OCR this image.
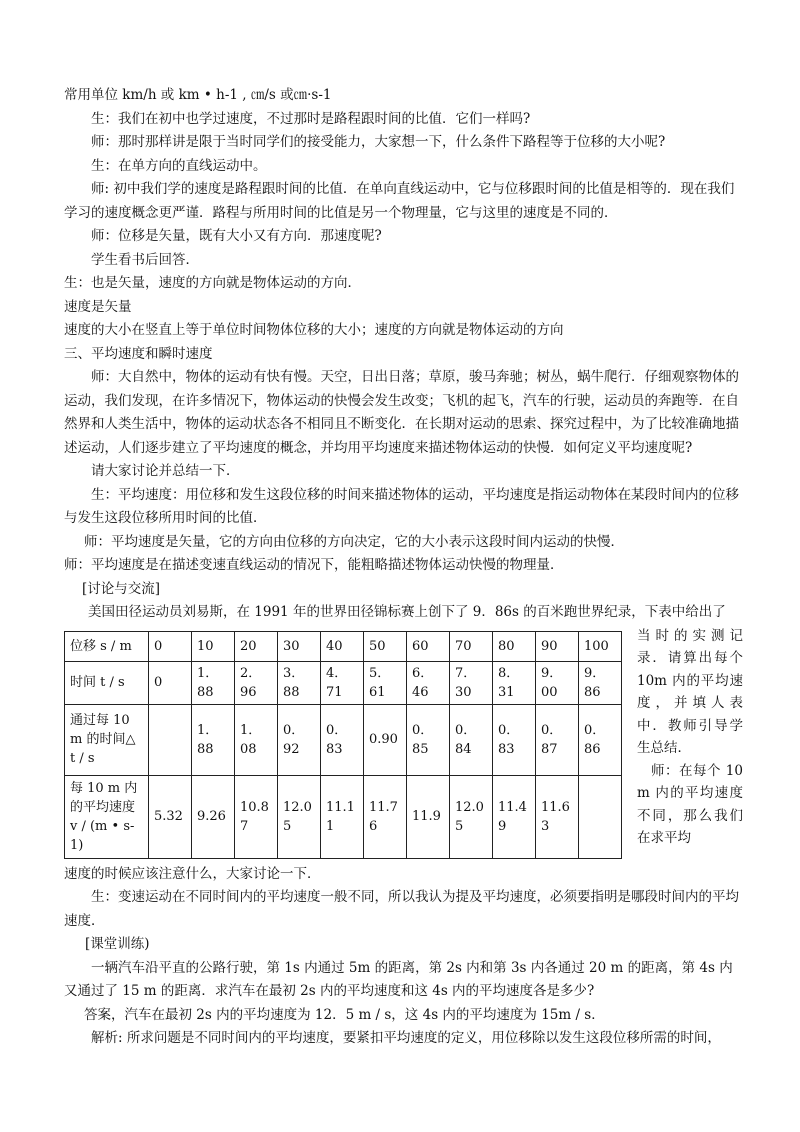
常用单位 km/h 或 km • h-1 , ㎝/s 或㎝·s-1
生：我们在初中也学过速度，不过那时是路程跟时间的比值．它们一样吗?
师：那时那样讲是限于当时同学们的接受能力，大家想一下，什么条件下路程等于位移的大小呢?
生：在单方向的直线运动中。

师: 初中我们学的速度是路程跟时间的比值．在单向直线运动中，它与位移跟时间的比值是相等的．现在我们学习的速度概念更严谨．路程与所用时间的比值是另一个物理量，它与这里的速度是不同的．

师：位移是矢量，既有大小又有方向．那速度呢?
学生看书后回答．
生：也是矢量，速度的方向就是物体运动的方向．
速度是矢量
速度的大小在竖直上等于单位时间物体位移的大小；速度的方向就是物体运动的方向
三、平均速度和瞬时速度

师：大自然中，物体的运动有快有慢。天空，日出日落；草原，骏马奔驰；树丛，蜗牛爬行．仔细观察物体的运动，我们发现，在许多情况下，物体运动的快慢会发生改变；飞机的起飞，汽车的行驶，运动员的奔跑等．在自然界和人类生活中，物体的运动状态各不相同且不断变化．在长期对运动的思索、探究过程中，为了比较准确地描述运动，人们逐步建立了平均速度的概念，并均用平均速度来描述物体运动的快慢．如何定义平均速度呢?

请大家讨论并总结一下．

生：平均速度：用位移和发生这段位移的时间来描述物体的运动，平均速度是指运动物体在某段时间内的位移与发生这段位移所用时间的比值．

师：平均速度是矢量，它的方向由位移的方向决定，它的大小表示这段时间内运动的快慢．
师：平均速度是在描述变速直线运动的情况下，能粗略描述物体运动快慢的物理量．
[讨论与交流]
美国田径运动员刘易斯，在 1991 年的世界田径锦标赛上创下了 9．86s 的百米跑世界纪录，下表中给出了
位移 s / m	0	10	20	30	40	50	60	70	80	90	100
时间 t / s	0	1．88	2．96	3．88	4．71	5．61	6．46	7．30	8．31	9．00	9．86
通过每 10 m 的时间△ t / s		1．88	1．08	0．92	0．83	0.90	0．85	0．84	0．83	0．87	0．86
每 10 m 内的平均速度 v / (m • s-1)	5.32	9.26	10.87	12.05	11.11	11.76	11.9	12.05	11.49	11.63	
当时的实测记录．请算出每个 10m 内的平均速度，并填人表中．教师引导学生总结．
师：在每个 10m 内的平均速度不同，那么我们在求平均
速度的时候应该注意什么，大家讨论一下．

生：变速运动在不同时间内的平均速度一般不同，所以我认为提及平均速度，必须要指明是哪段时间内的平均速度．

[课堂训练)

一辆汽车沿平直的公路行驶，第 1s 内通过 5m 的距离，第 2s 内和第 3s 内各通过 20 m 的距离，第 4s 内又通过了 15 m 的距离．求汽车在最初 2s 内的平均速度和这 4s 内的平均速度各是多少?

答案，汽车在最初 2s 内的平均速度为 12．5 m / s，这 4s 内的平均速度为 15m / s．
解析: 所求问题是不同时间内的平均速度，要紧扣平均速度的定义，用位移除以发生这段位移所需的时间，
